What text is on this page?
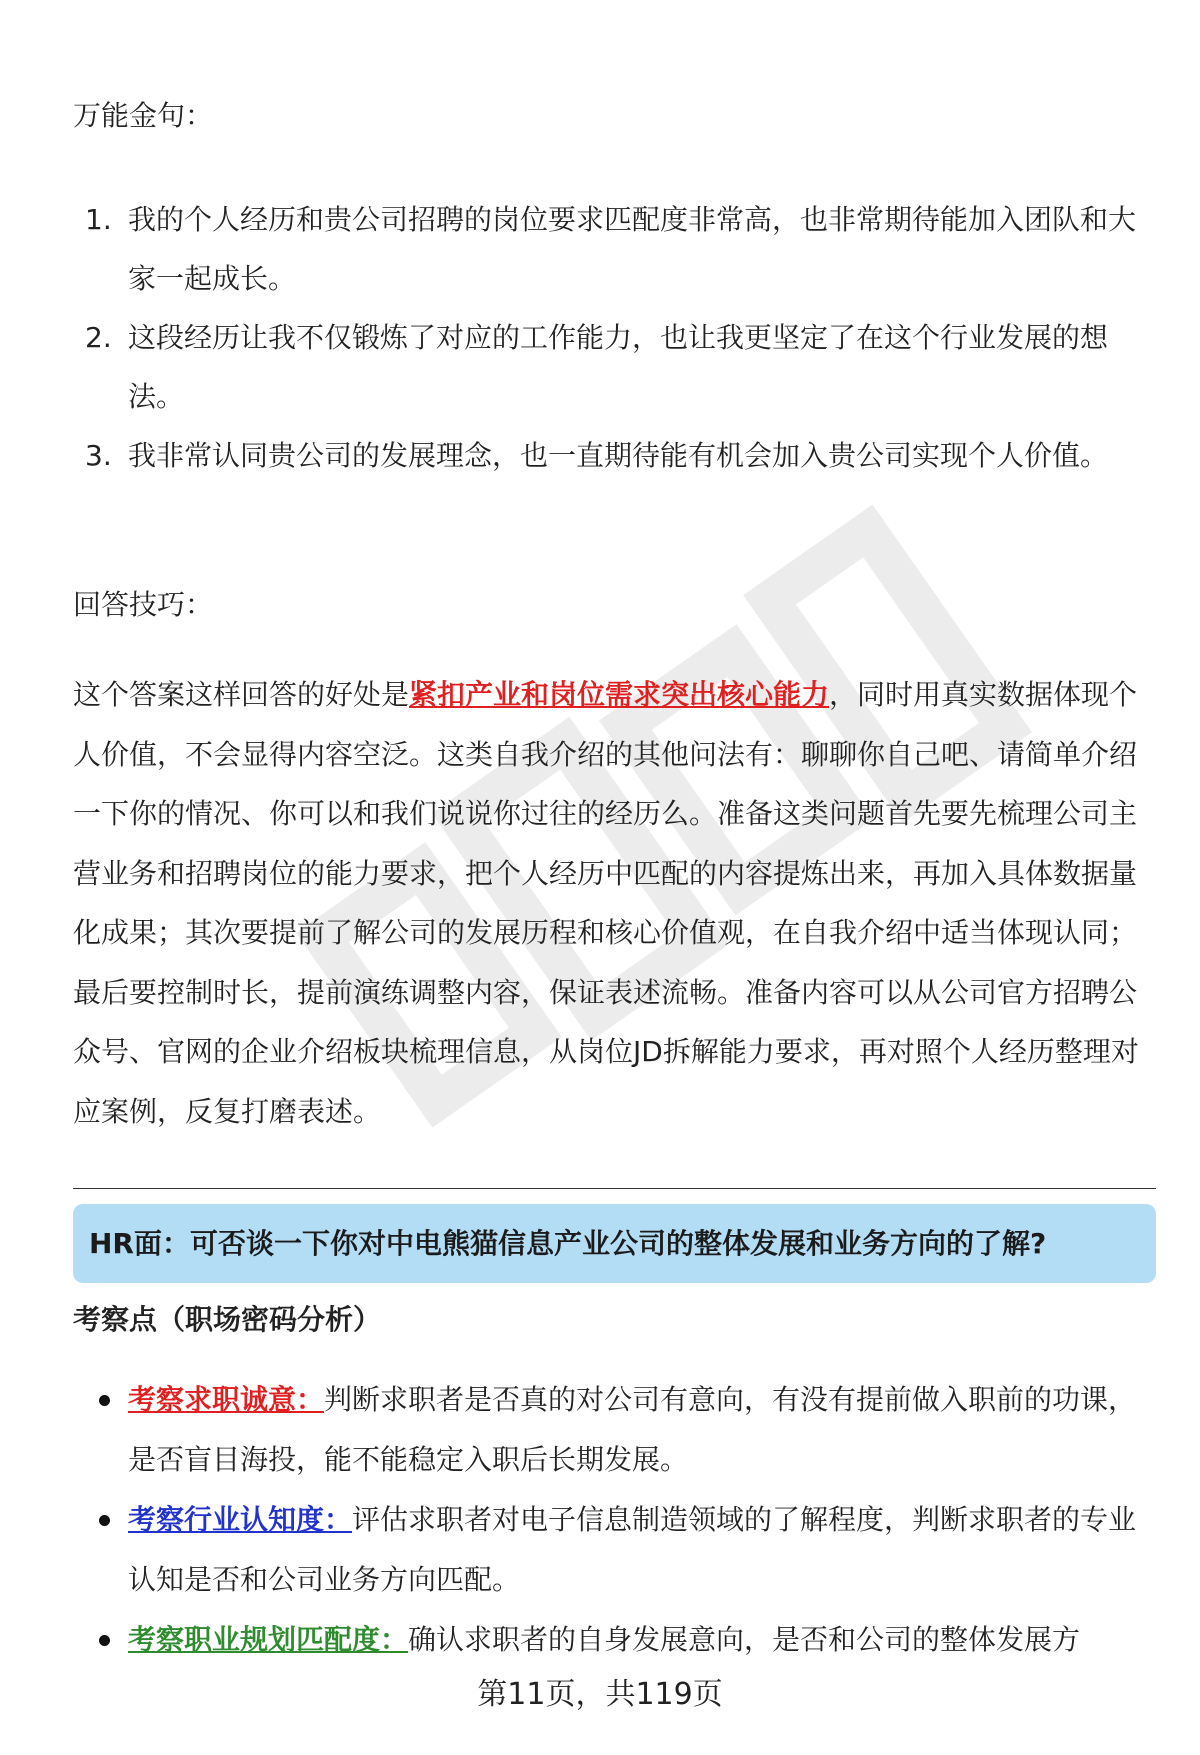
万能金句：
1. 我的个人经历和贵公司招聘的岗位要求匹配度非常高，也非常期待能加入团队和大家一起成长。
2. 这段经历让我不仅锻炼了对应的工作能力，也让我更坚定了在这个行业发展的想法。
3. 我非常认同贵公司的发展理念，也一直期待能有机会加入贵公司实现个人价值。
回答技巧：

这个答案这样回答的好处是紧扣产业和岗位需求突出核心能力，同时用真实数据体现个人价值，不会显得内容空泛。这类自我介绍的其他问法有：聊聊你自己吧、请简单介绍一下你的情况、你可以和我们说说你过往的经历么。准备这类问题首先要先梳理公司主营业务和招聘岗位的能力要求，把个人经历中匹配的内容提炼出来，再加入具体数据量化成果；其次要提前了解公司的发展历程和核心价值观，在自我介绍中适当体现认同；最后要控制时长，提前演练调整内容，保证表述流畅。准备内容可以从公司官方招聘公众号、官网的企业介绍板块梳理信息，从岗位JD拆解能力要求，再对照个人经历整理对应案例，反复打磨表述。

HR面：可否谈一下你对中电熊猫信息产业公司的整体发展和业务方向的了解?
考察点（职场密码分析）
考察求职诚意：判断求职者是否真的对公司有意向，有没有提前做入职前的功课，是否盲目海投，能不能稳定入职后长期发展。
考察行业认知度：评估求职者对电子信息制造领域的了解程度，判断求职者的专业认知是否和公司业务方向匹配。
考察职业规划匹配度：确认求职者的自身发展意向，是否和公司的整体发展方
第11页，共119页
